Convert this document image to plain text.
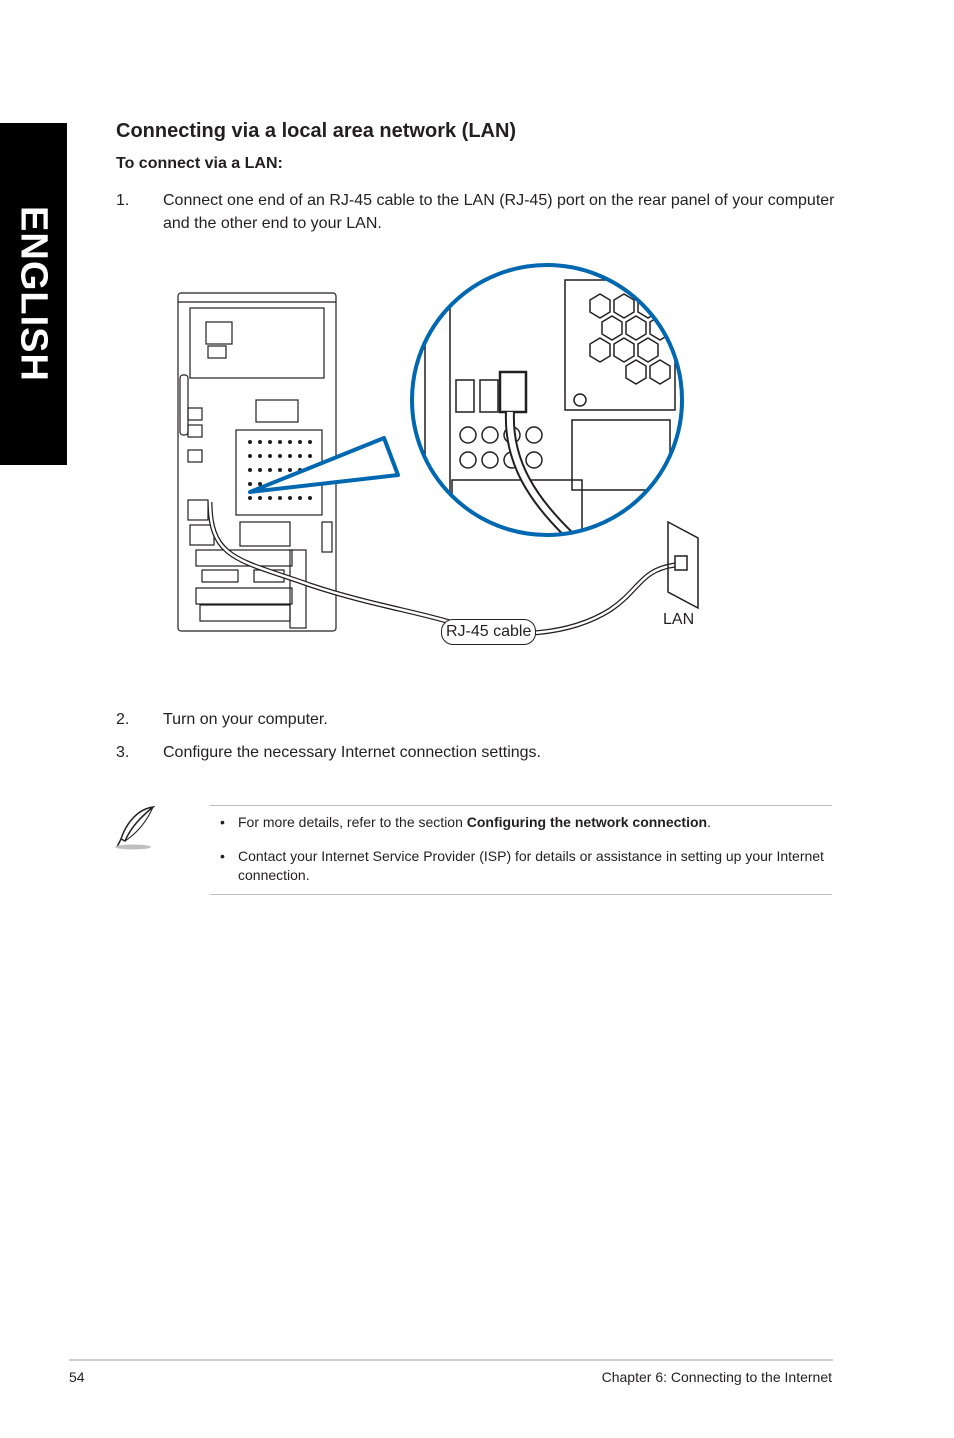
ENGLISH
Connecting via a local area network (LAN)
To connect via a LAN:
1. Connect one end of an RJ-45 cable to the LAN (RJ-45) port on the rear panel of your computer and the other end to your LAN.
RJ-45 cable
LAN
2. Turn on your computer.
3. Configure the necessary Internet connection settings.
• For more details, refer to the section Configuring the network connection.
• Contact your Internet Service Provider (ISP) for details or assistance in setting up your Internet connection.
54	Chapter 6: Connecting to the Internet
